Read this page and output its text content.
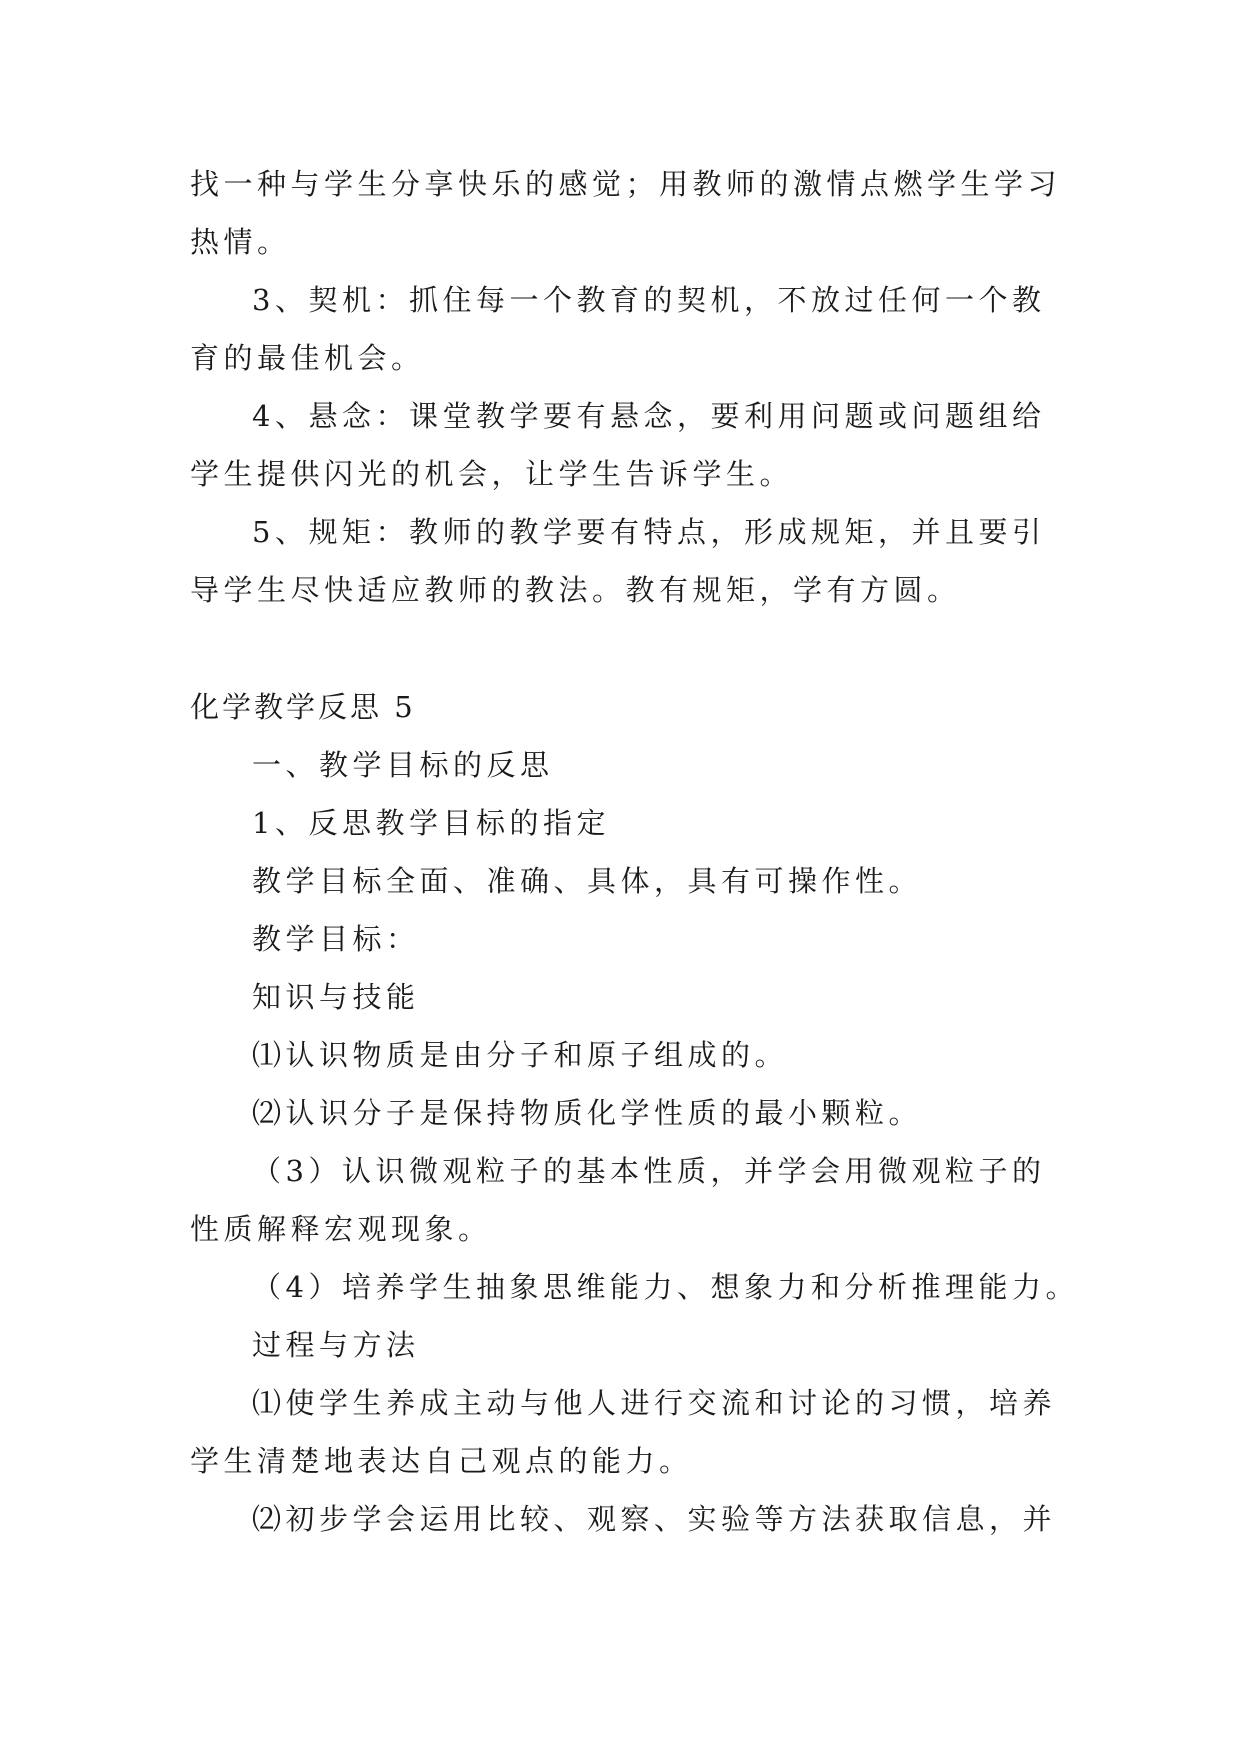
找一种与学生分享快乐的感觉；用教师的激情点燃学生学习
热情。
3、契机：抓住每一个教育的契机，不放过任何一个教
育的最佳机会。
4、悬念：课堂教学要有悬念，要利用问题或问题组给
学生提供闪光的机会，让学生告诉学生。
5、规矩：教师的教学要有特点，形成规矩，并且要引
导学生尽快适应教师的教法。教有规矩，学有方圆。
化学教学反思 5
一、教学目标的反思
1、反思教学目标的指定
教学目标全面、准确、具体，具有可操作性。
教学目标：
知识与技能
⑴认识物质是由分子和原子组成的。
⑵认识分子是保持物质化学性质的最小颗粒。
（3）认识微观粒子的基本性质，并学会用微观粒子的
性质解释宏观现象。
（4）培养学生抽象思维能力、想象力和分析推理能力。
过程与方法
⑴使学生养成主动与他人进行交流和讨论的习惯，培养
学生清楚地表达自己观点的能力。
⑵初步学会运用比较、观察、实验等方法获取信息，并
